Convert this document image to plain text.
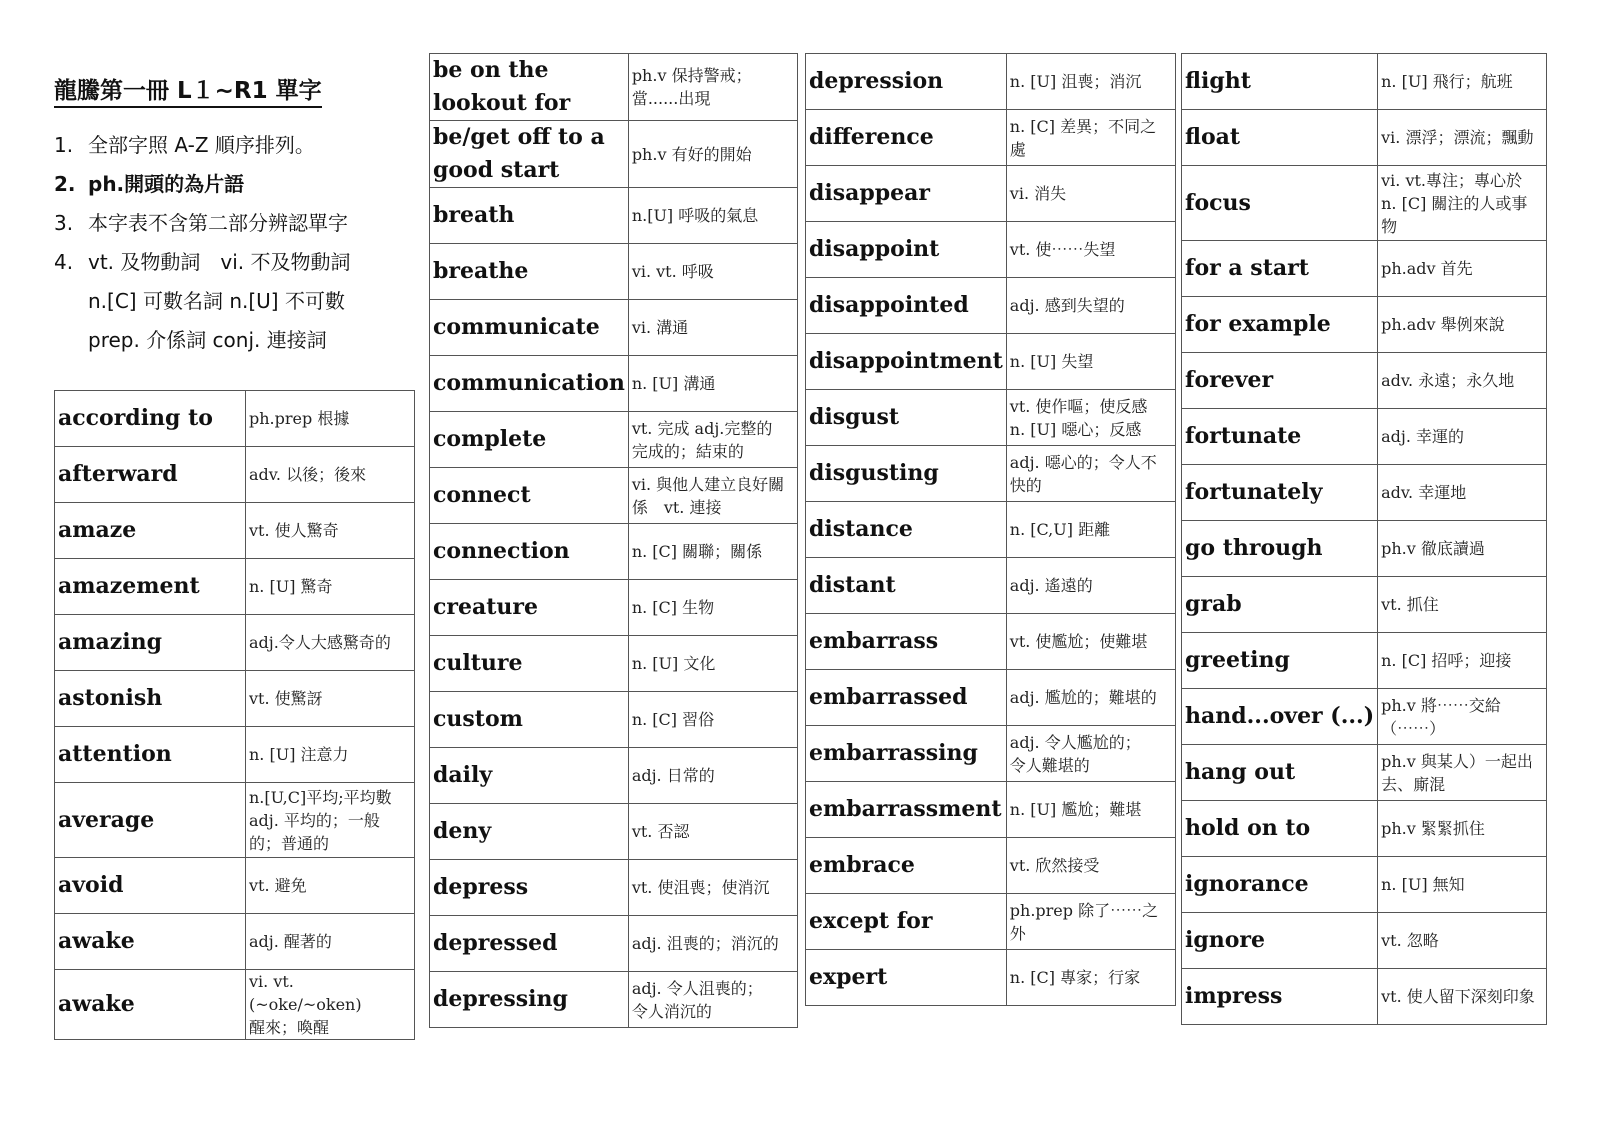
龍騰第一冊 L１~R1 單字
1. 全部字照 A-Z 順序排列。
2. ph.開頭的為片語
3. 本字表不含第二部分辨認單字
4. vt. 及物動詞　vi. 不及物動詞
n.[C] 可數名詞 n.[U] 不可數
prep. 介係詞 conj. 連接詞
according to	ph.prep 根據

afterward	adv. 以後；後來

amaze	vt. 使人驚奇

amazement	n. [U] 驚奇

amazing	adj.令人大感驚奇的

astonish	vt. 使驚訝

attention	n. [U] 注意力

average	n.[U,C]平均;平均數
adj. 平均的；一般的；普通的

avoid	vt. 避免

awake	adj. 醒著的

awake	vi. vt. (~oke/~oken)
醒來；喚醒
be on the lookout for	ph.v 保持警戒；當......出現

be/get off to a good start	ph.v 有好的開始

breath	n.[U] 呼吸的氣息

breathe	vi. vt. 呼吸

communicate	vi. 溝通

communication	n. [U] 溝通

complete	vt. 完成 adj.完整的
完成的；結束的

connect	vi. 與他人建立良好關係　vt. 連接

connection	n. [C] 關聯；關係

creature	n. [C] 生物

culture	n. [U] 文化

custom	n. [C] 習俗

daily	adj. 日常的

deny	vt. 否認

depress	vt. 使沮喪；使消沉

depressed	adj. 沮喪的；消沉的

depressing	adj. 令人沮喪的；
令人消沉的
depression	n. [U] 沮喪；消沉

difference	n. [C] 差異；不同之處

disappear	vi. 消失

disappoint	vt. 使⋯⋯失望

disappointed	adj. 感到失望的

disappointment	n. [U] 失望

disgust	vt. 使作嘔；使反感
n. [U] 噁心；反感

disgusting	adj. 噁心的；令人不快的

distance	n. [C,U] 距離

distant	adj. 遙遠的

embarrass	vt. 使尷尬；使難堪

embarrassed	adj. 尷尬的；難堪的

embarrassing	adj. 令人尷尬的；
令人難堪的

embarrassment	n. [U] 尷尬；難堪

embrace	vt. 欣然接受

except for	ph.prep 除了⋯⋯之外

expert	n. [C] 專家；行家
flight	n. [U] 飛行；航班

float	vi. 漂浮；漂流；飄動

focus	vi. vt.專注；專心於
n. [C] 關注的人或事物

for a start	ph.adv 首先

for example	ph.adv 舉例來說

forever	adv. 永遠；永久地

fortunate	adj. 幸運的

fortunately	adv. 幸運地

go through	ph.v 徹底讀過

grab	vt. 抓住

greeting	n. [C] 招呼；迎接

hand...over (...)	ph.v 將⋯⋯交給（⋯⋯）

hang out	ph.v 與某人）一起出去、廝混

hold on to	ph.v 緊緊抓住

ignorance	n. [U] 無知

ignore	vt. 忽略

impress	vt. 使人留下深刻印象
